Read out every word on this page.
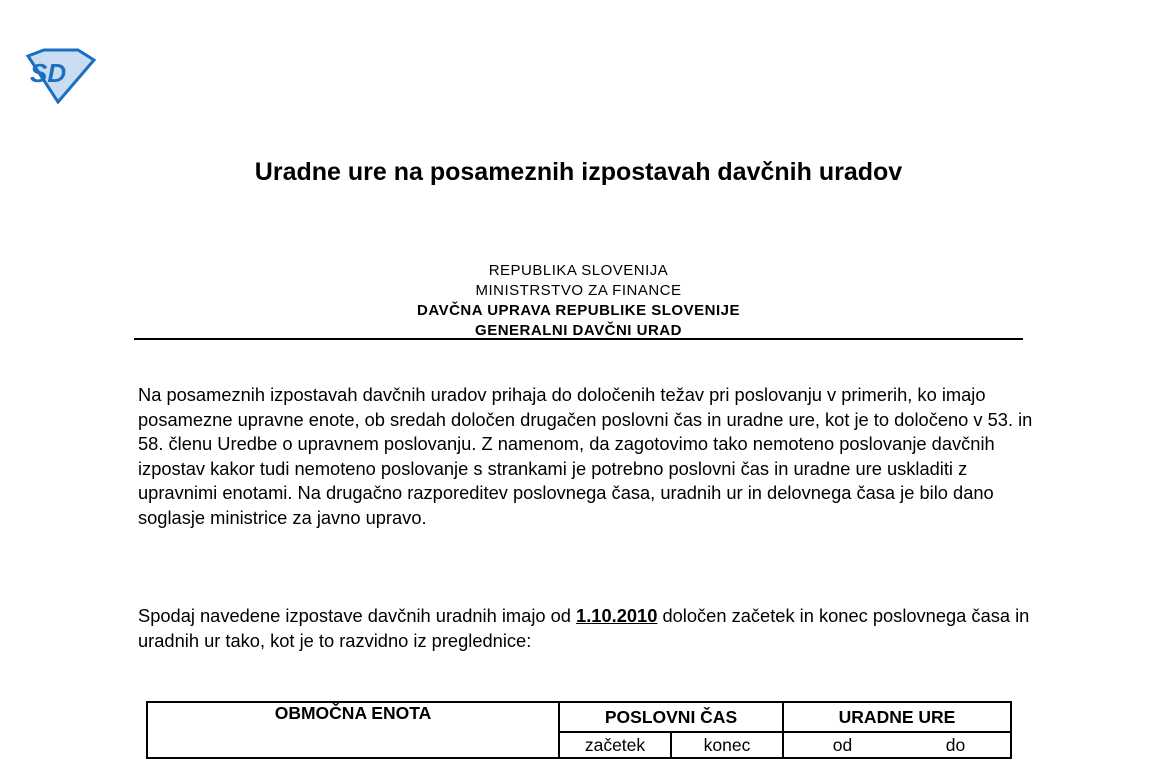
SD
Uradne ure na posameznih izpostavah davčnih uradov
REPUBLIKA SLOVENIJA
MINISTRSTVO ZA FINANCE
DAVČNA UPRAVA REPUBLIKE SLOVENIJE
GENERALNI DAVČNI URAD
Na posameznih izpostavah davčnih uradov prihaja do določenih težav pri poslovanju v primerih, ko imajo posamezne upravne enote, ob sredah določen drugačen poslovni čas in uradne ure, kot je to določeno v 53. in 58. členu Uredbe o upravnem poslovanju. Z namenom, da zagotovimo tako nemoteno poslovanje davčnih izpostav kakor tudi nemoteno poslovanje s strankami je potrebno poslovni čas in uradne ure uskladiti z upravnimi enotami. Na drugačno razporeditev poslovnega časa, uradnih ur in delovnega časa je bilo dano soglasje ministrice za javno upravo.
Spodaj navedene izpostave davčnih uradnih imajo od 1.10.2010 določen začetek in konec poslovnega časa in uradnih ur tako, kot je to razvidno iz preglednice:
OBMOČNA ENOTA	POSLOVNI ČAS		URADNE URE	
	začetek	konec	od	do
